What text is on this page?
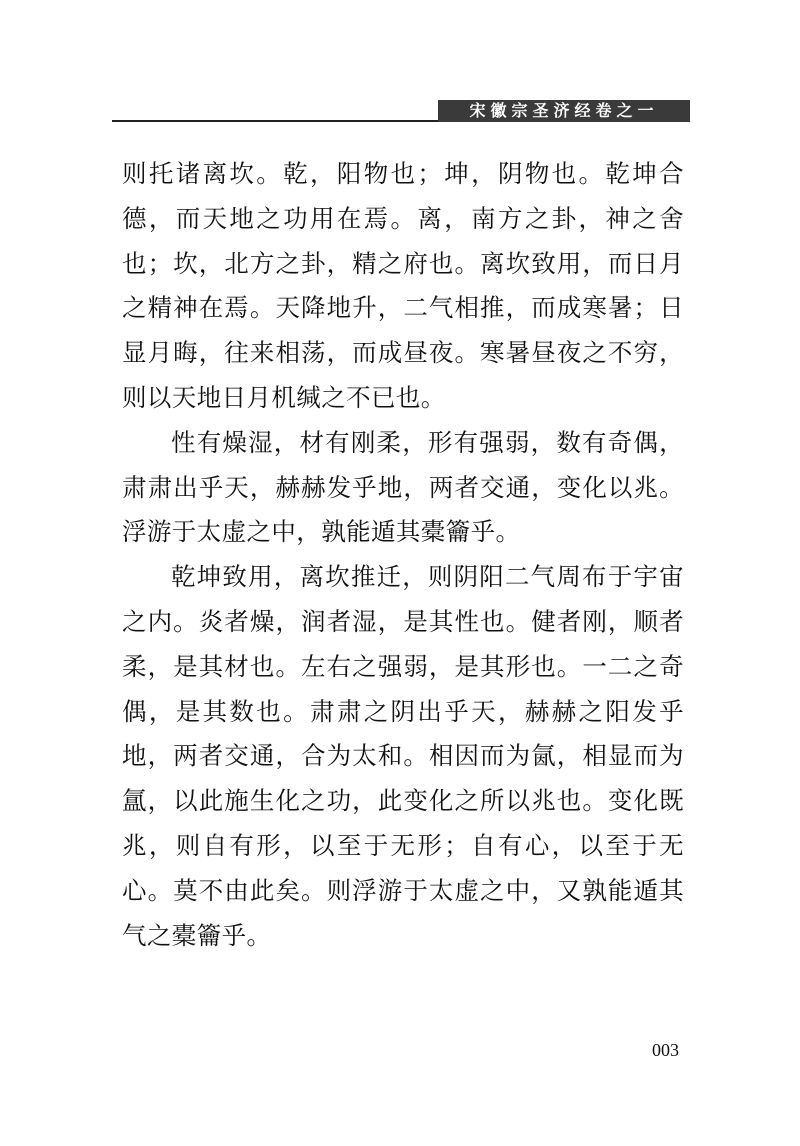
宋徽宗圣济经卷之一

则托诸离坎。乾，阳物也；坤，阴物也。乾坤合德，而天地之功用在焉。离，南方之卦，神之舍也；坎，北方之卦，精之府也。离坎致用，而日月之精神在焉。天降地升，二气相推，而成寒暑；日显月晦，往来相荡，而成昼夜。寒暑昼夜之不穷，则以天地日月机缄之不已也。

性有燥湿，材有刚柔，形有强弱，数有奇偶，肃肃出乎天，赫赫发乎地，两者交通，变化以兆。浮游于太虚之中，孰能遁其橐籥乎。

乾坤致用，离坎推迁，则阴阳二气周布于宇宙之内。炎者燥，润者湿，是其性也。健者刚，顺者柔，是其材也。左右之强弱，是其形也。一二之奇偶，是其数也。肃肃之阴出乎天，赫赫之阳发乎地，两者交通，合为太和。相因而为氤，相显而为氲，以此施生化之功，此变化之所以兆也。变化既兆，则自有形，以至于无形；自有心，以至于无心。莫不由此矣。则浮游于太虚之中，又孰能遁其气之橐籥乎。

003
